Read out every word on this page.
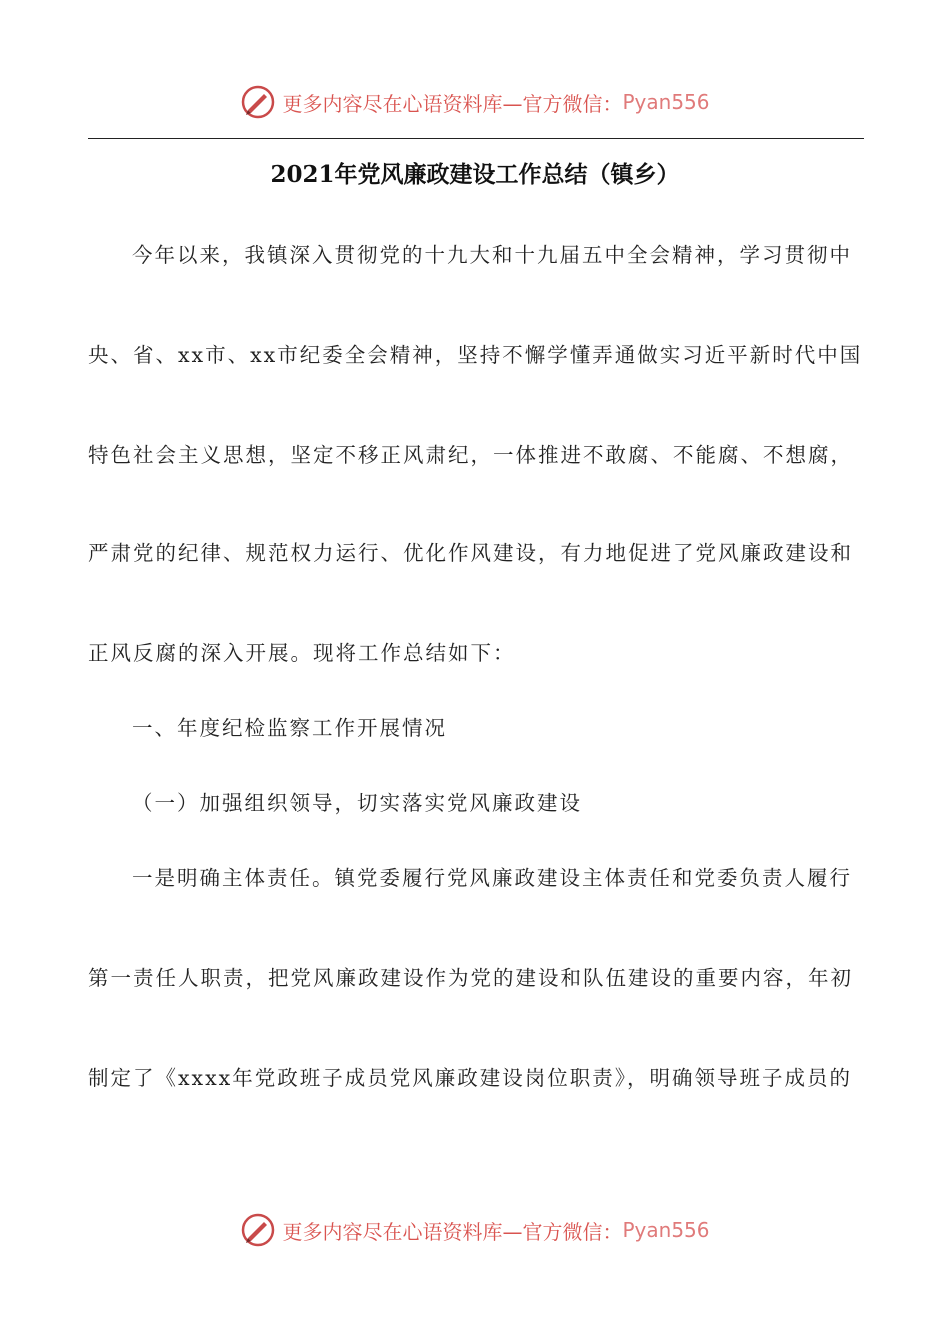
更多内容尽在心语资料库—官方微信： Pyan556
2021年党风廉政建设工作总结（镇乡）
今年以来，我镇深入贯彻党的十九大和十九届五中全会精神，学习贯彻中
央、省、xx市、xx市纪委全会精神，坚持不懈学懂弄通做实习近平新时代中国
特色社会主义思想，坚定不移正风肃纪，一体推进不敢腐、不能腐、不想腐，
严肃党的纪律、规范权力运行、优化作风建设，有力地促进了党风廉政建设和
正风反腐的深入开展。现将工作总结如下：
一、年度纪检监察工作开展情况
（一）加强组织领导，切实落实党风廉政建设
一是明确主体责任。镇党委履行党风廉政建设主体责任和党委负责人履行
第一责任人职责，把党风廉政建设作为党的建设和队伍建设的重要内容，年初
制定了《xxxx年党政班子成员党风廉政建设岗位职责》，明确领导班子成员的
更多内容尽在心语资料库—官方微信： Pyan556
